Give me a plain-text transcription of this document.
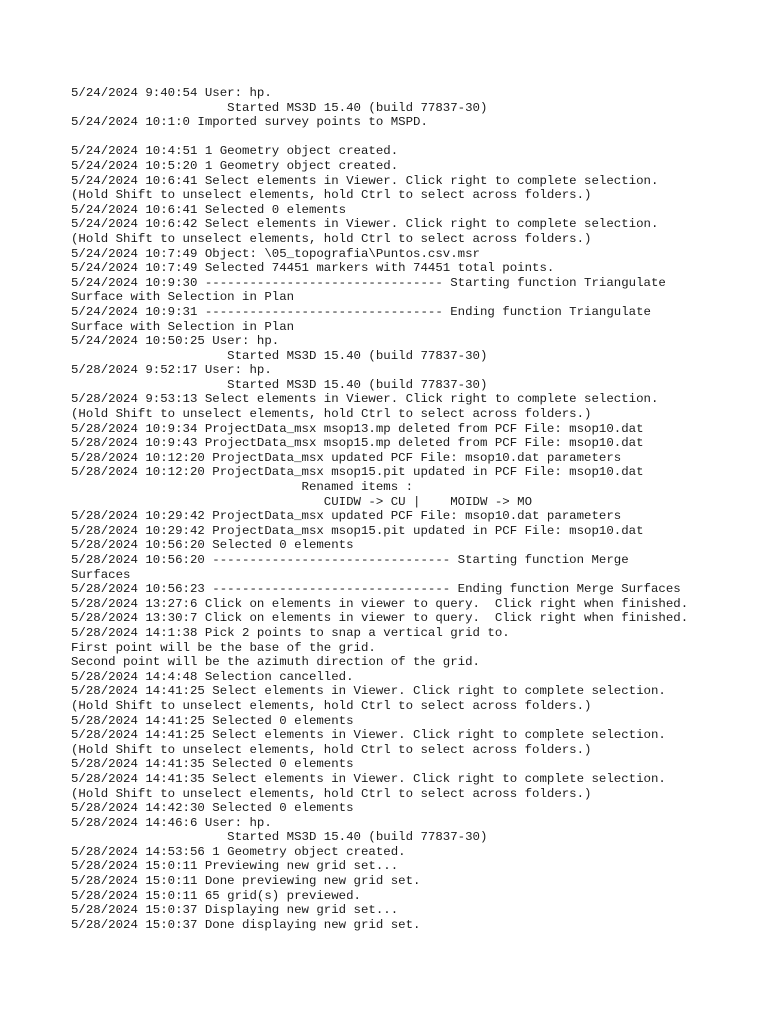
5/24/2024 9:40:54 User: hp.
Started MS3D 15.40 (build 77837-30)
5/24/2024 10:1:0 Imported survey points to MSPD.
5/24/2024 10:4:51 1 Geometry object created.
5/24/2024 10:5:20 1 Geometry object created.
5/24/2024 10:6:41 Select elements in Viewer. Click right to complete selection.
(Hold Shift to unselect elements, hold Ctrl to select across folders.)
5/24/2024 10:6:41 Selected 0 elements
5/24/2024 10:6:42 Select elements in Viewer. Click right to complete selection.
(Hold Shift to unselect elements, hold Ctrl to select across folders.)
5/24/2024 10:7:49 Object: \05_topografia\Puntos.csv.msr
5/24/2024 10:7:49 Selected 74451 markers with 74451 total points.
5/24/2024 10:9:30 -------------------------------- Starting function Triangulate
Surface with Selection in Plan
5/24/2024 10:9:31 -------------------------------- Ending function Triangulate
Surface with Selection in Plan
5/24/2024 10:50:25 User: hp.
Started MS3D 15.40 (build 77837-30)
5/28/2024 9:52:17 User: hp.
Started MS3D 15.40 (build 77837-30)
5/28/2024 9:53:13 Select elements in Viewer. Click right to complete selection.
(Hold Shift to unselect elements, hold Ctrl to select across folders.)
5/28/2024 10:9:34 ProjectData_msx msop13.mp deleted from PCF File: msop10.dat
5/28/2024 10:9:43 ProjectData_msx msop15.mp deleted from PCF File: msop10.dat
5/28/2024 10:12:20 ProjectData_msx updated PCF File: msop10.dat parameters
5/28/2024 10:12:20 ProjectData_msx msop15.pit updated in PCF File: msop10.dat
Renamed items :
CUIDW -> CU |    MOIDW -> MO
5/28/2024 10:29:42 ProjectData_msx updated PCF File: msop10.dat parameters
5/28/2024 10:29:42 ProjectData_msx msop15.pit updated in PCF File: msop10.dat
5/28/2024 10:56:20 Selected 0 elements
5/28/2024 10:56:20 -------------------------------- Starting function Merge
Surfaces
5/28/2024 10:56:23 -------------------------------- Ending function Merge Surfaces
5/28/2024 13:27:6 Click on elements in viewer to query.  Click right when finished.
5/28/2024 13:30:7 Click on elements in viewer to query.  Click right when finished.
5/28/2024 14:1:38 Pick 2 points to snap a vertical grid to.
First point will be the base of the grid.
Second point will be the azimuth direction of the grid.
5/28/2024 14:4:48 Selection cancelled.
5/28/2024 14:41:25 Select elements in Viewer. Click right to complete selection.
(Hold Shift to unselect elements, hold Ctrl to select across folders.)
5/28/2024 14:41:25 Selected 0 elements
5/28/2024 14:41:25 Select elements in Viewer. Click right to complete selection.
(Hold Shift to unselect elements, hold Ctrl to select across folders.)
5/28/2024 14:41:35 Selected 0 elements
5/28/2024 14:41:35 Select elements in Viewer. Click right to complete selection.
(Hold Shift to unselect elements, hold Ctrl to select across folders.)
5/28/2024 14:42:30 Selected 0 elements
5/28/2024 14:46:6 User: hp.
Started MS3D 15.40 (build 77837-30)
5/28/2024 14:53:56 1 Geometry object created.
5/28/2024 15:0:11 Previewing new grid set...
5/28/2024 15:0:11 Done previewing new grid set.
5/28/2024 15:0:11 65 grid(s) previewed.
5/28/2024 15:0:37 Displaying new grid set...
5/28/2024 15:0:37 Done displaying new grid set.
